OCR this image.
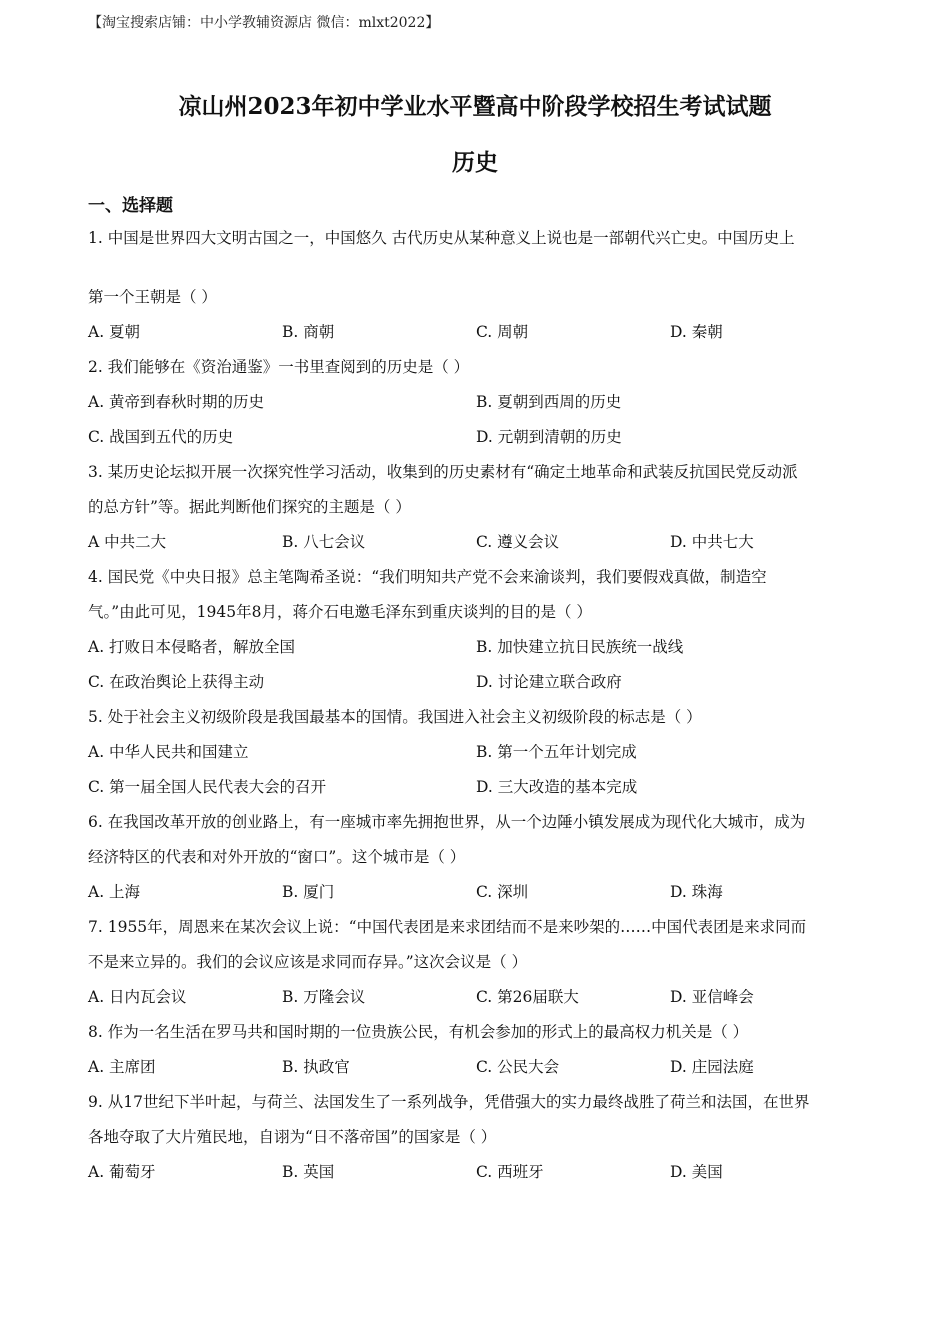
【淘宝搜索店铺：中小学教辅资源店 微信：mlxt2022】
凉山州2023年初中学业水平暨高中阶段学校招生考试试题
历史
一、选择题
1. 中国是世界四大文明古国之一，中国悠久 古代历史从某种意义上说也是一部朝代兴亡史。中国历史上
第一个王朝是（ ）
A. 夏朝	B. 商朝	C. 周朝	D. 秦朝
2. 我们能够在《资治通鉴》一书里查阅到的历史是（ ）
A. 黄帝到春秋时期的历史	B. 夏朝到西周的历史
C. 战国到五代的历史	D. 元朝到清朝的历史
3. 某历史论坛拟开展一次探究性学习活动，收集到的历史素材有“确定土地革命和武装反抗国民党反动派
的总方针”等。据此判断他们探究的主题是（ ）
A 中共二大	B. 八七会议	C. 遵义会议	D. 中共七大
4. 国民党《中央日报》总主笔陶希圣说：“我们明知共产党不会来渝谈判，我们要假戏真做，制造空
气。”由此可见，1945年8月，蒋介石电邀毛泽东到重庆谈判的目的是（ ）
A. 打败日本侵略者，解放全国	B. 加快建立抗日民族统一战线
C. 在政治舆论上获得主动	D. 讨论建立联合政府
5. 处于社会主义初级阶段是我国最基本的国情。我国进入社会主义初级阶段的标志是（ ）
A. 中华人民共和国建立	B. 第一个五年计划完成
C. 第一届全国人民代表大会的召开	D. 三大改造的基本完成
6. 在我国改革开放的创业路上，有一座城市率先拥抱世界，从一个边陲小镇发展成为现代化大城市，成为
经济特区的代表和对外开放的“窗口”。这个城市是（ ）
A. 上海	B. 厦门	C. 深圳	D. 珠海
7. 1955年，周恩来在某次会议上说：“中国代表团是来求团结而不是来吵架的……中国代表团是来求同而
不是来立异的。我们的会议应该是求同而存异。”这次会议是（ ）
A. 日内瓦会议	B. 万隆会议	C. 第26届联大	D. 亚信峰会
8. 作为一名生活在罗马共和国时期的一位贵族公民，有机会参加的形式上的最高权力机关是（ ）
A. 主席团	B. 执政官	C. 公民大会	D. 庄园法庭
9. 从17世纪下半叶起，与荷兰、法国发生了一系列战争，凭借强大的实力最终战胜了荷兰和法国，在世界
各地夺取了大片殖民地，自诩为“日不落帝国”的国家是（ ）
A. 葡萄牙	B. 英国	C. 西班牙	D. 美国
